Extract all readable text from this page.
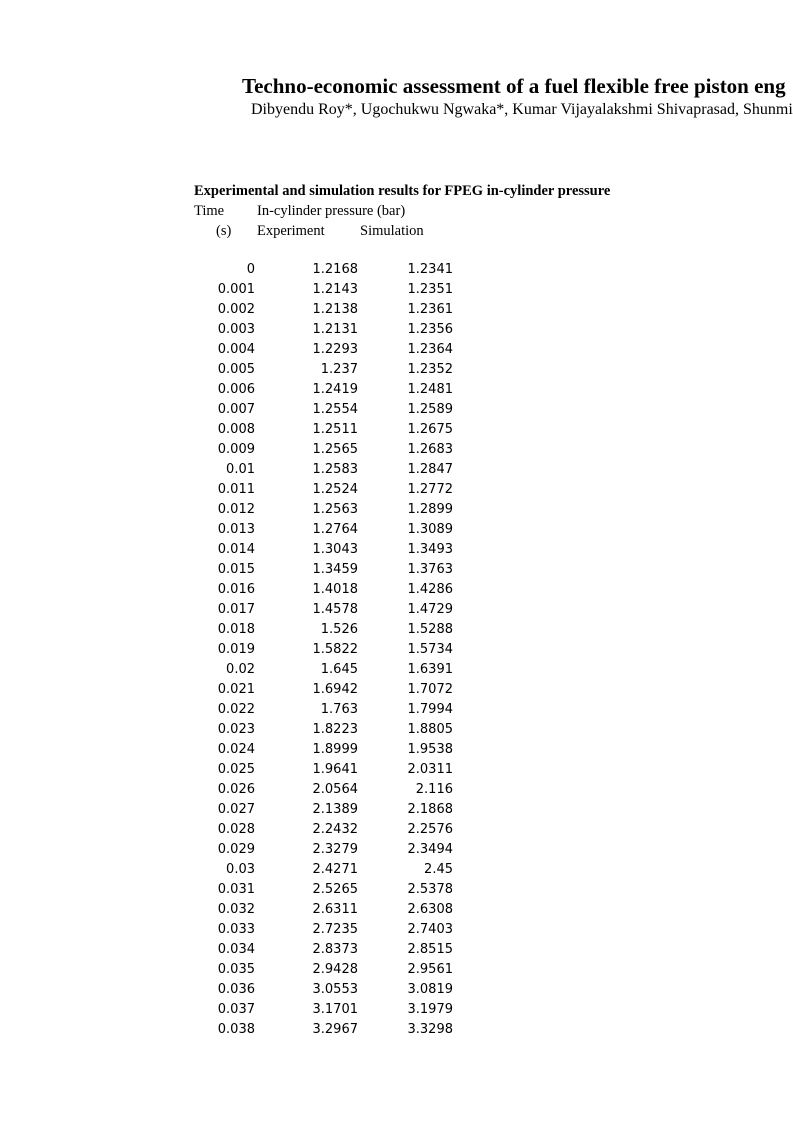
Techno-economic assessment of a fuel flexible free piston eng
Dibyendu Roy*, Ugochukwu Ngwaka*, Kumar Vijayalakshmi Shivaprasad, Shunmi
Experimental and simulation results for FPEG in-cylinder pressure
Time In-cylinder pressure (bar)
(s) Experiment Simulation
0	1.2168	1.2341
0.001	1.2143	1.2351
0.002	1.2138	1.2361
0.003	1.2131	1.2356
0.004	1.2293	1.2364
0.005	1.237	1.2352
0.006	1.2419	1.2481
0.007	1.2554	1.2589
0.008	1.2511	1.2675
0.009	1.2565	1.2683
0.01	1.2583	1.2847
0.011	1.2524	1.2772
0.012	1.2563	1.2899
0.013	1.2764	1.3089
0.014	1.3043	1.3493
0.015	1.3459	1.3763
0.016	1.4018	1.4286
0.017	1.4578	1.4729
0.018	1.526	1.5288
0.019	1.5822	1.5734
0.02	1.645	1.6391
0.021	1.6942	1.7072
0.022	1.763	1.7994
0.023	1.8223	1.8805
0.024	1.8999	1.9538
0.025	1.9641	2.0311
0.026	2.0564	2.116
0.027	2.1389	2.1868
0.028	2.2432	2.2576
0.029	2.3279	2.3494
0.03	2.4271	2.45
0.031	2.5265	2.5378
0.032	2.6311	2.6308
0.033	2.7235	2.7403
0.034	2.8373	2.8515
0.035	2.9428	2.9561
0.036	3.0553	3.0819
0.037	3.1701	3.1979
0.038	3.2967	3.3298
